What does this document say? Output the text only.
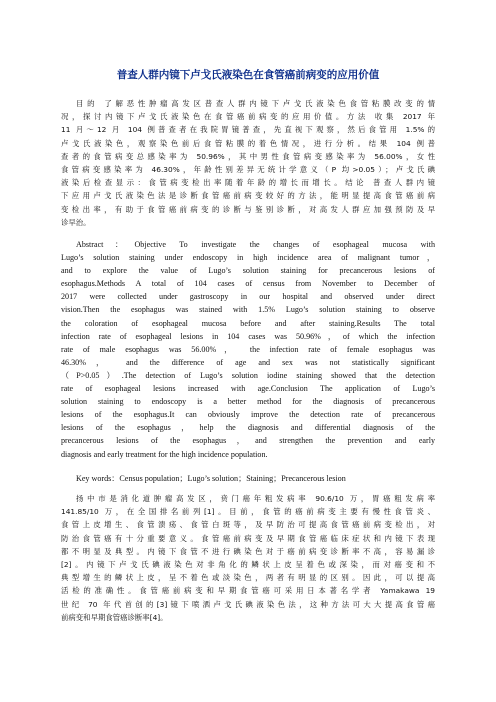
普查人群内镜下卢戈氏液染色在食管癌前病变的应用价值
目的 了解恶性肿瘤高发区普查人群内镜下卢戈氏液染色食管粘膜改变的情
况，探讨内镜下卢戈氏液染色在食管癌前病变的应用价值。方法 收集 2017 年
11 月～12 月 104 例普查者在我院胃镜普查，先直视下观察，然后食管用 1.5%的
卢戈氏液染色，观察染色前后食管粘膜的着色情况，进行分析。结果 104 例普
查者的食管病变总感染率为 50.96%，其中男性食管病变感染率为 56.00%，女性
食管病变感染率为 46.30%，年龄性别差异无统计学意义（P 均>0.05）；卢戈氏碘
液染后检查显示：食管病变检出率随着年龄的增长而增长。结论 普查人群内镜
下应用卢戈氏液染色法是诊断食管癌前病变较好的方法，能明显提高食管癌前病
变检出率，有助于食管癌前病变的诊断与鉴别诊断，对高发人群应加强预防及早
诊早治。
Abstract：Objective To investigate the changes of esophageal mucosa with
Lugo’s solution staining under endoscopy in high incidence area of malignant tumor，
and to explore the value of Lugo’s solution staining for precancerous lesions of
esophagus.Methods A total of 104 cases of census from November to December of
2017 were collected under gastroscopy in our hospital and observed under direct
vision.Then the esophagus was stained with 1.5% Lugo’s solution staining to observe
the coloration of esophageal mucosa before and after staining.Results The total
infection rate of esophageal lesions in 104 cases was 50.96%，of which the infection
rate of male esophagus was 56.00%， the infection rate of female esophagus was
46.30%， and the difference of age and sex was not statistically significant
（P>0.05）.The detection of Lugo’s solution iodine staining showed that the detection
rate of esophageal lesions increased with age.Conclusion The application of Lugo’s
solution staining to endoscopy is a better method for the diagnosis of precancerous
lesions of the esophagus.It can obviously improve the detection rate of precancerous
lesions of the esophagus，help the diagnosis and differential diagnosis of the
precancerous lesions of the esophagus，and strengthen the prevention and early
diagnosis and early treatment for the high incidence population.
Key words：Census population；Lugo’s solution；Staining；Precancerous lesion
扬中市是消化道肿瘤高发区，贲门癌年粗发病率 90.6/10 万，胃癌粗发病率
141.85/10 万，在全国排名前列[1]。目前，食管的癌前病变主要有慢性食管炎、
食管上皮增生、食管溃疡、食管白斑等，及早防治可提高食管癌前病变检出，对
防治食管癌有十分重要意义。食管癌前病变及早期食管癌临床症状和内镜下表现
都不明显及典型。内镜下食管不进行碘染色对于癌前病变诊断率不高，容易漏诊
[2]。内镜下卢戈氏碘液染色对非角化的鳞状上皮呈着色或深染，而对癌变和不
典型增生的鳞状上皮，呈不着色或淡染色，两者有明显的区别。因此，可以提高
活检的准确性。食管癌前病变和早期食管癌可采用日本著名学者 Yamakawa 19
世纪 70 年代首创的[3]镜下喷洒卢戈氏碘液染色法，这种方法可大大提高食管癌
前病变和早期食管癌诊断率[4]。
